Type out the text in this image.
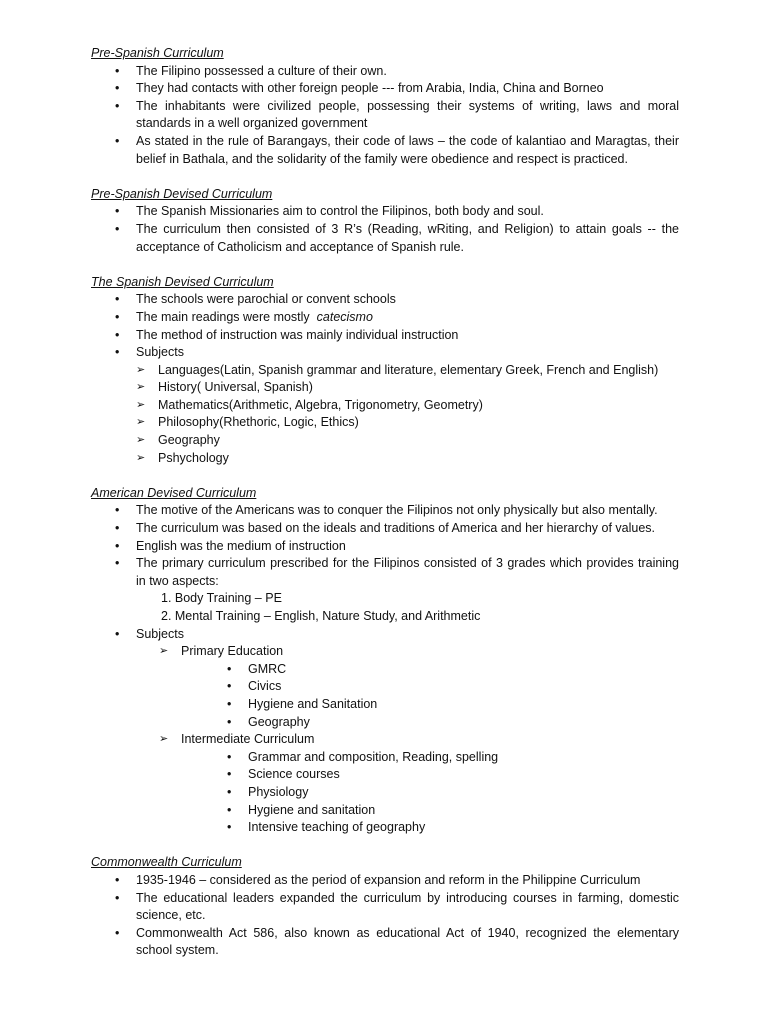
Pre-Spanish Curriculum

• The Filipino possessed a culture of their own.
• They had contacts with other foreign people --- from Arabia, India, China and Borneo
• The inhabitants were civilized people, possessing their systems of writing, laws and moral standards in a well organized government
• As stated in the rule of Barangays, their code of laws – the code of kalantiao and Maragtas, their belief in Bathala, and the solidarity of the family were obedience and respect is practiced.

Pre-Spanish Devised Curriculum

• The Spanish Missionaries aim to control the Filipinos, both body and soul.
• The curriculum then consisted of 3 R’s (Reading, wRiting, and Religion) to attain goals -- the acceptance of Catholicism and acceptance of Spanish rule.

The Spanish Devised Curriculum

• The schools were parochial or convent schools
• The main readings were mostly  catecismo
• The method of instruction was mainly individual instruction
• Subjects
➢ Languages(Latin, Spanish grammar and literature, elementary Greek, French and English)
➢ History( Universal, Spanish)
➢ Mathematics(Arithmetic, Algebra, Trigonometry, Geometry)
➢ Philosophy(Rhethoric, Logic, Ethics)
➢ Geography
➢ Pshychology

American Devised Curriculum

• The motive of the Americans was to conquer the Filipinos not only physically but also mentally.
• The curriculum was based on the ideals and traditions of America and her hierarchy of values.
• English was the medium of instruction
• The primary curriculum prescribed for the Filipinos consisted of 3 grades which provides training in two aspects:
1. Body Training – PE
2. Mental Training – English, Nature Study, and Arithmetic
• Subjects
➢ Primary Education
• GMRC
• Civics
• Hygiene and Sanitation
• Geography
➢ Intermediate Curriculum
• Grammar and composition, Reading, spelling
• Science courses
• Physiology
• Hygiene and sanitation
• Intensive teaching of geography

Commonwealth Curriculum

• 1935-1946 – considered as the period of expansion and reform in the Philippine Curriculum
• The educational leaders expanded the curriculum by introducing courses in farming, domestic science, etc.
• Commonwealth Act 586, also known as educational Act of 1940, recognized the elementary school system.
